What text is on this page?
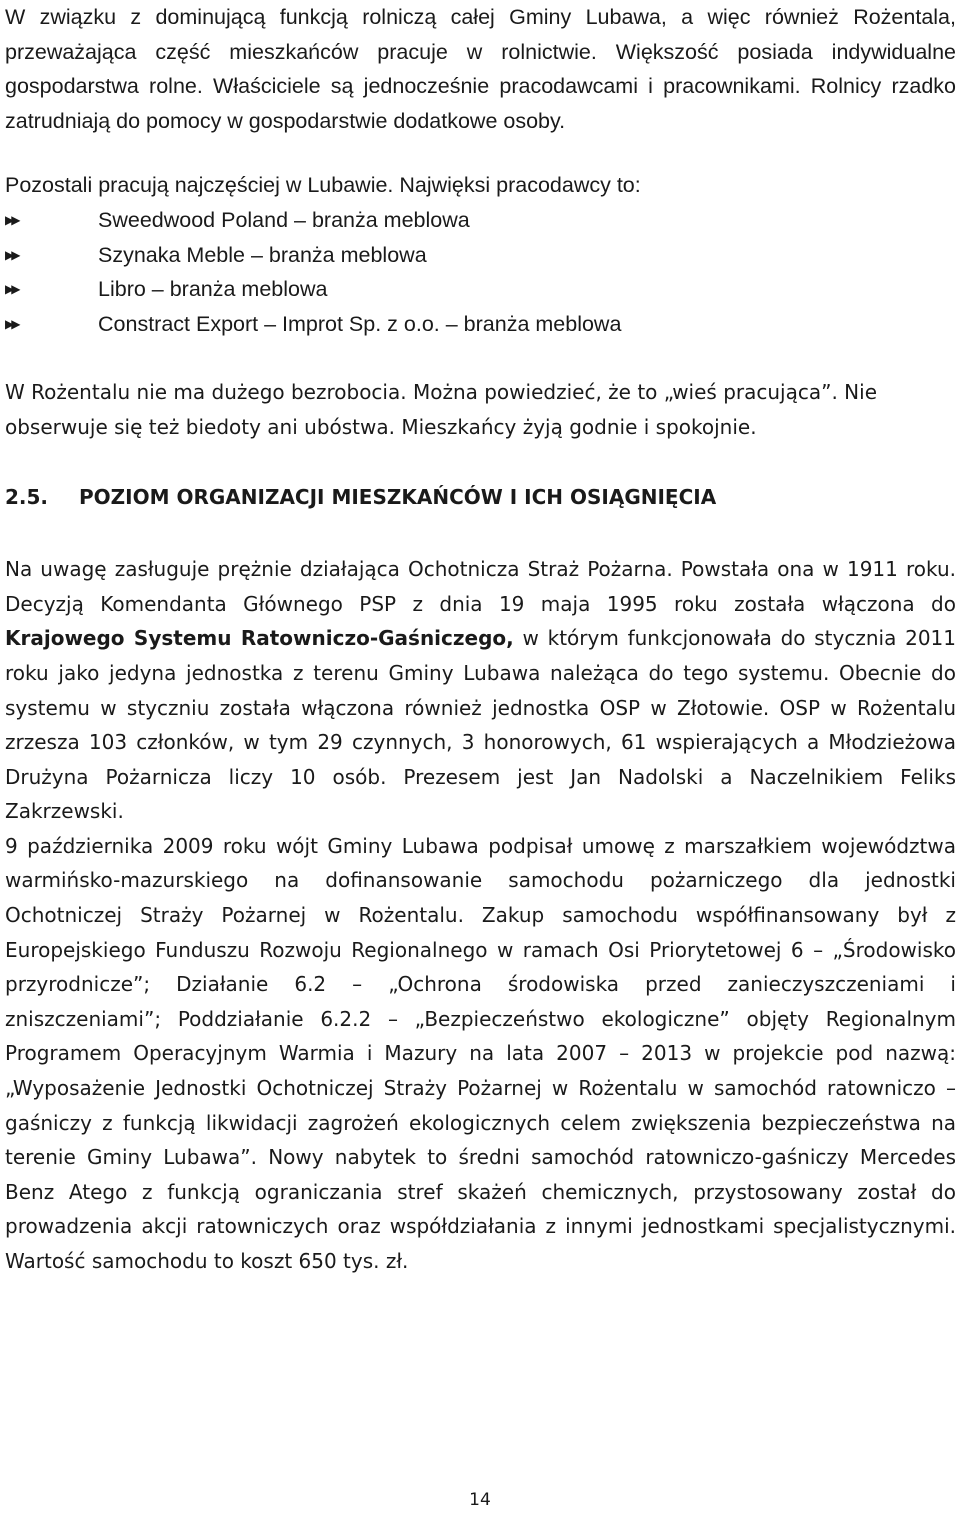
W związku z dominującą funkcją rolniczą całej Gminy Lubawa, a więc również Rożentala, przeważająca część mieszkańców pracuje w rolnictwie. Większość posiada indywidualne gospodarstwa rolne. Właściciele są jednocześnie pracodawcami i pracownikami. Rolnicy rzadko zatrudniają do pomocy w gospodarstwie dodatkowe osoby.

Pozostali pracują najczęściej w Lubawie. Najwięksi pracodawcy to:

▶▶	Sweedwood Poland – branża meblowa
▶▶	Szynaka Meble – branża meblowa
▶▶	Libro – branża meblowa
▶▶	Constract Export – Improt Sp. z o.o. – branża meblowa

W Rożentalu nie ma dużego bezrobocia. Można powiedzieć, że to „wieś pracująca”. Nie obserwuje się też biedoty ani ubóstwa. Mieszkańcy żyją godnie i spokojnie.

2.5.	POZIOM ORGANIZACJI MIESZKAŃCÓW I ICH OSIĄGNIĘCIA

Na uwagę zasługuje prężnie działająca Ochotnicza Straż Pożarna. Powstała ona w 1911 roku. Decyzją Komendanta Głównego PSP z dnia 19 maja 1995 roku została włączona do Krajowego Systemu Ratowniczo-Gaśniczego, w którym funkcjonowała do stycznia 2011 roku jako jedyna jednostka z terenu Gminy Lubawa należąca do tego systemu. Obecnie do systemu w styczniu została włączona również jednostka OSP w Złotowie. OSP w Rożentalu zrzesza 103 członków, w tym 29 czynnych, 3 honorowych, 61 wspierających a Młodzieżowa Drużyna Pożarnicza liczy 10 osób. Prezesem jest Jan Nadolski a Naczelnikiem Feliks Zakrzewski.

9 października 2009 roku wójt Gminy Lubawa podpisał umowę z marszałkiem województwa warmińsko-mazurskiego na dofinansowanie samochodu pożarniczego dla jednostki Ochotniczej Straży Pożarnej w Rożentalu. Zakup samochodu współfinansowany był z Europejskiego Funduszu Rozwoju Regionalnego w ramach Osi Priorytetowej 6 – „Środowisko przyrodnicze”; Działanie 6.2 – „Ochrona środowiska przed zanieczyszczeniami i zniszczeniami”; Poddziałanie 6.2.2 – „Bezpieczeństwo ekologiczne” objęty Regionalnym Programem Operacyjnym Warmia i Mazury na lata 2007 – 2013 w projekcie pod nazwą: „Wyposażenie Jednostki Ochotniczej Straży Pożarnej w Rożentalu w samochód ratowniczo – gaśniczy z funkcją likwidacji zagrożeń ekologicznych celem zwiększenia bezpieczeństwa na terenie Gminy Lubawa”. Nowy nabytek to średni samochód ratowniczo-gaśniczy Mercedes Benz Atego z funkcją ograniczania stref skażeń chemicznych, przystosowany został do prowadzenia akcji ratowniczych oraz współdziałania z innymi jednostkami specjalistycznymi. Wartość samochodu to koszt 650 tys. zł.

14
